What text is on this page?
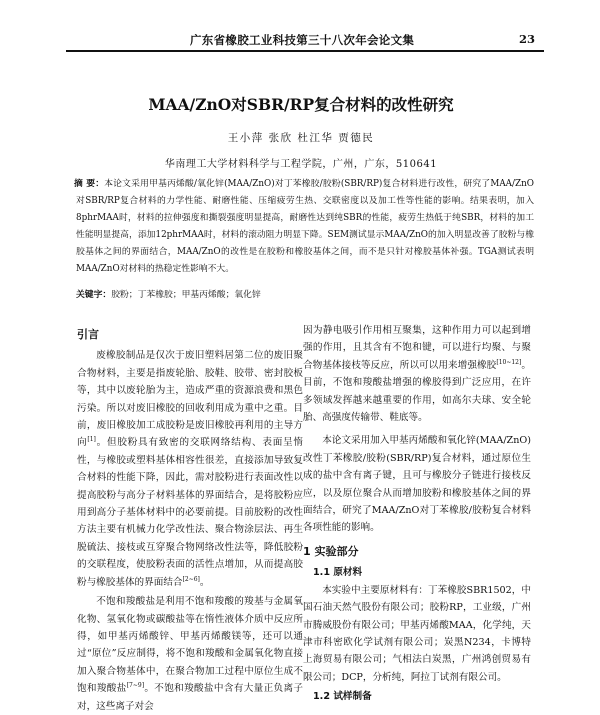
广东省橡胶工业科技第三十八次年会论文集	23
MAA/ZnO对SBR/RP复合材料的改性研究
王小萍 张欣 杜江华 贾德民
华南理工大学材料科学与工程学院，广州，广东，510641
摘 要：本论文采用甲基丙烯酸/氧化锌(MAA/ZnO)对丁苯橡胶/胶粉(SBR/RP)复合材料进行改性，研究了MAA/ZnO对SBR/RP复合材料的力学性能、耐磨性能、压缩疲劳生热、交联密度以及加工性等性能的影响。结果表明，加入8phrMAA时，材料的拉伸强度和撕裂强度明显提高，耐磨性达到纯SBR的性能，疲劳生热低于纯SBR，材料的加工性能明显提高，添加12phrMAA时，材料的滚动阻力明显下降。SEM测试显示MAA/ZnO的加入明显改善了胶粉与橡胶基体之间的界面结合，MAA/ZnO的改性是在胶粉和橡胶基体之间，而不是只针对橡胶基体补强。TGA测试表明MAA/ZnO对材料的热稳定性影响不大。
关键字：胶粉；丁苯橡胶；甲基丙烯酸；氧化锌
引言

废橡胶制品是仅次于废旧塑料居第二位的废旧聚合物材料，主要是指废轮胎、胶鞋、胶带、密封胶板等，其中以废轮胎为主，造成严重的资源浪费和黑色污染。所以对废旧橡胶的回收利用成为重中之重。目前，废旧橡胶加工成胶粉是废旧橡胶再利用的主导方向[1]。但胶粉具有致密的交联网络结构、表面呈惰性，与橡胶或塑料基体相容性很差，直接添加导致复合材料的性能下降，因此，需对胶粉进行表面改性以提高胶粉与高分子材料基体的界面结合，是将胶粉应用到高分子基体材料中的必要前提。目前胶粉的改性方法主要有机械力化学改性法、聚合物涂层法、再生脱硫法、接枝或互穿聚合物网络改性法等，降低胶粉的交联程度，使胶粉表面的活性点增加，从而提高胶粉与橡胶基体的界面结合[2~6]。

不饱和羧酸盐是利用不饱和羧酸的羧基与金属氧化物、氢氧化物或碳酸盐等在惰性液体介质中反应所得，如甲基丙烯酸锌、甲基丙烯酸镁等，还可以通过“原位”反应制得，将不饱和羧酸和金属氧化物直接加入聚合物基体中，在聚合物加工过程中原位生成不饱和羧酸盐[7~9]。不饱和羧酸盐中含有大量正负离子对，这些离子对会

因为静电吸引作用相互聚集，这种作用力可以起到增强的作用，且其含有不饱和键，可以进行均聚、与聚合物基体接枝等反应，所以可以用来增强橡胶[10~12]。目前，不饱和羧酸盐增强的橡胶得到广泛应用，在许多领域发挥越来越重要的作用，如高尔夫球、安全轮胎、高强度传输带、鞋底等。

本论文采用加入甲基丙烯酸和氧化锌(MAA/ZnO)改性丁苯橡胶/胶粉(SBR/RP)复合材料，通过原位生成的盐中含有离子键，且可与橡胶分子链进行接枝反应，以及原位聚合从而增加胶粉和橡胶基体之间的界面结合，研究了MAA/ZnO对丁苯橡胶/胶粉复合材料各项性能的影响。

1 实验部分
1.1 原材料

本实验中主要原材料有：丁苯橡胶SBR1502，中国石油天然气股份有限公司；胶粉RP，工业级，广州市腾威股份有限公司；甲基丙烯酸MAA，化学纯，天津市科密欧化学试剂有限公司；炭黑N234，卡博特上海贸易有限公司；气相法白炭黑，广州鸿创贸易有限公司；DCP，分析纯，阿拉丁试剂有限公司。

1.2 试样制备
